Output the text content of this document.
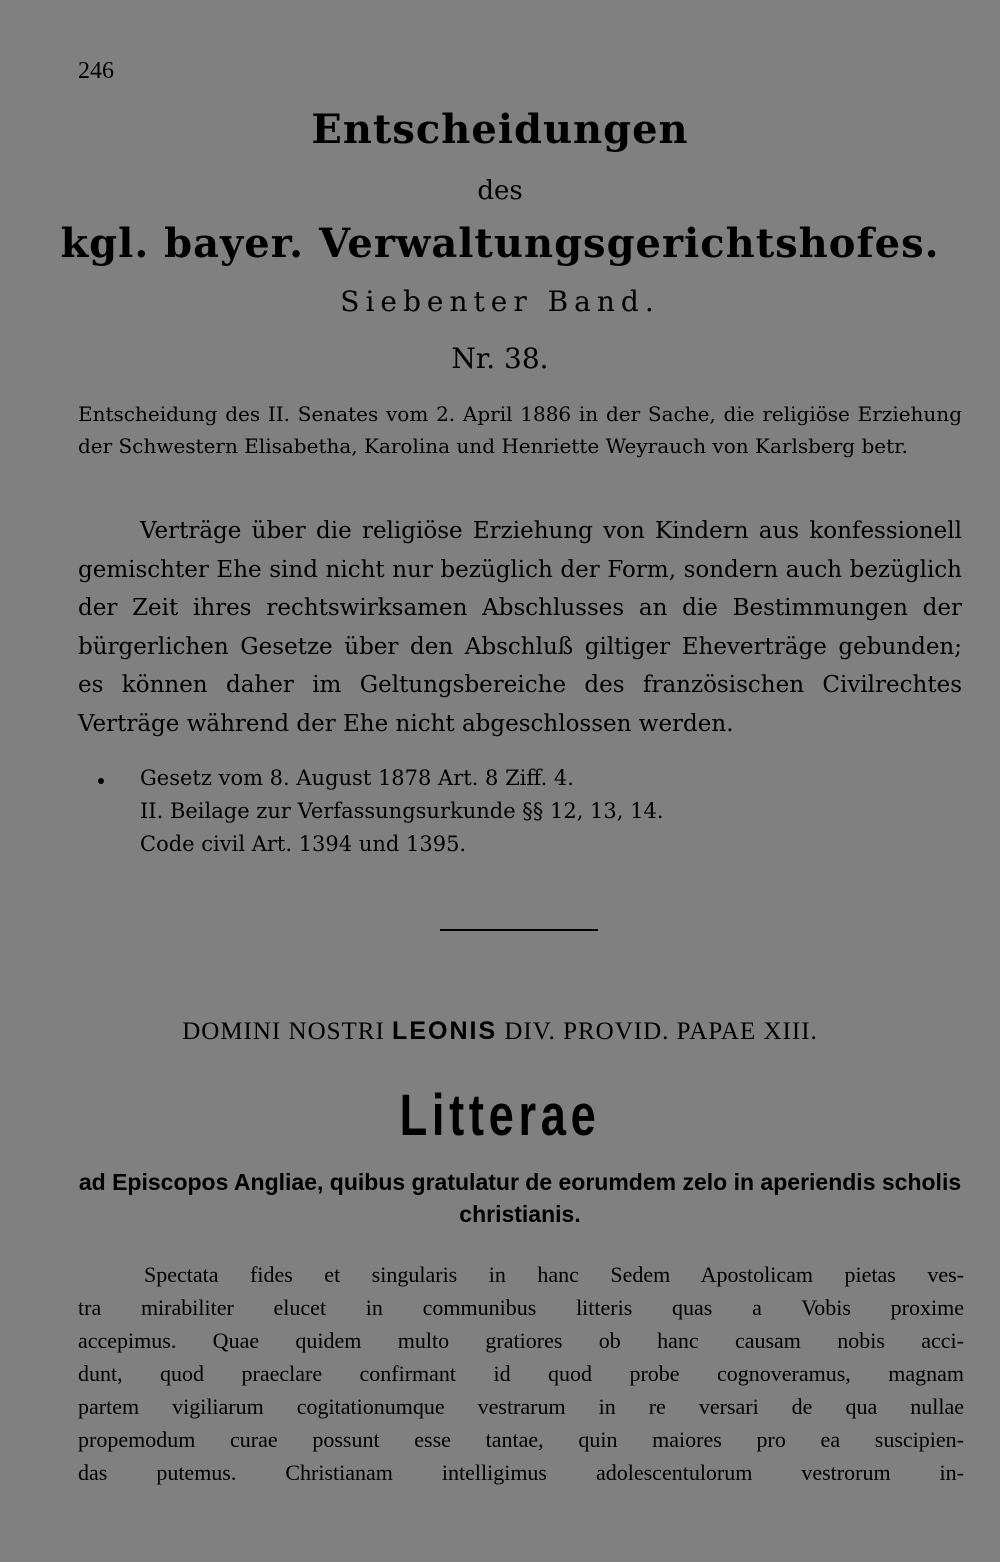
246
Entscheidungen
des
kgl. bayer. Verwaltungsgerichtshofes.
Siebenter Band.
Nr. 38.

Entscheidung des II. Senates vom 2. April 1886 in der Sache, die religiöse Erziehung der Schwestern Elisabetha, Karolina und Henriette Weyrauch von Karlsberg betr.

Verträge über die religiöse Erziehung von Kindern aus konfessionell gemischter Ehe sind nicht nur bezüglich der Form, sondern auch bezüglich der Zeit ihres rechtswirksamen Abschlusses an die Bestimmungen der bürgerlichen Gesetze über den Abschluß giltiger Eheverträge gebunden; es können daher im Geltungsbereiche des französischen Civilrechtes Verträge während der Ehe nicht abgeschlossen werden.

Gesetz vom 8. August 1878 Art. 8 Ziff. 4.
II. Beilage zur Verfassungsurkunde §§ 12, 13, 14.
Code civil Art. 1394 und 1395.
DOMINI NOSTRI LEONIS DIV. PROVID. PAPAE XIII.
Litterae
ad Episcopos Angliae, quibus gratulatur de eorumdem zelo in aperiendis scholis christianis.
Spectata fides et singularis in hanc Sedem Apostolicam pietas ves-
tra mirabiliter elucet in communibus litteris quas a Vobis proxime
accepimus. Quae quidem multo gratiores ob hanc causam nobis acci-
dunt, quod praeclare confirmant id quod probe cognoveramus, magnam
partem vigiliarum cogitationumque vestrarum in re versari de qua nullae
propemodum curae possunt esse tantae, quin maiores pro ea suscipien-
das putemus. Christianam intelligimus adolescentulorum vestrorum in-
